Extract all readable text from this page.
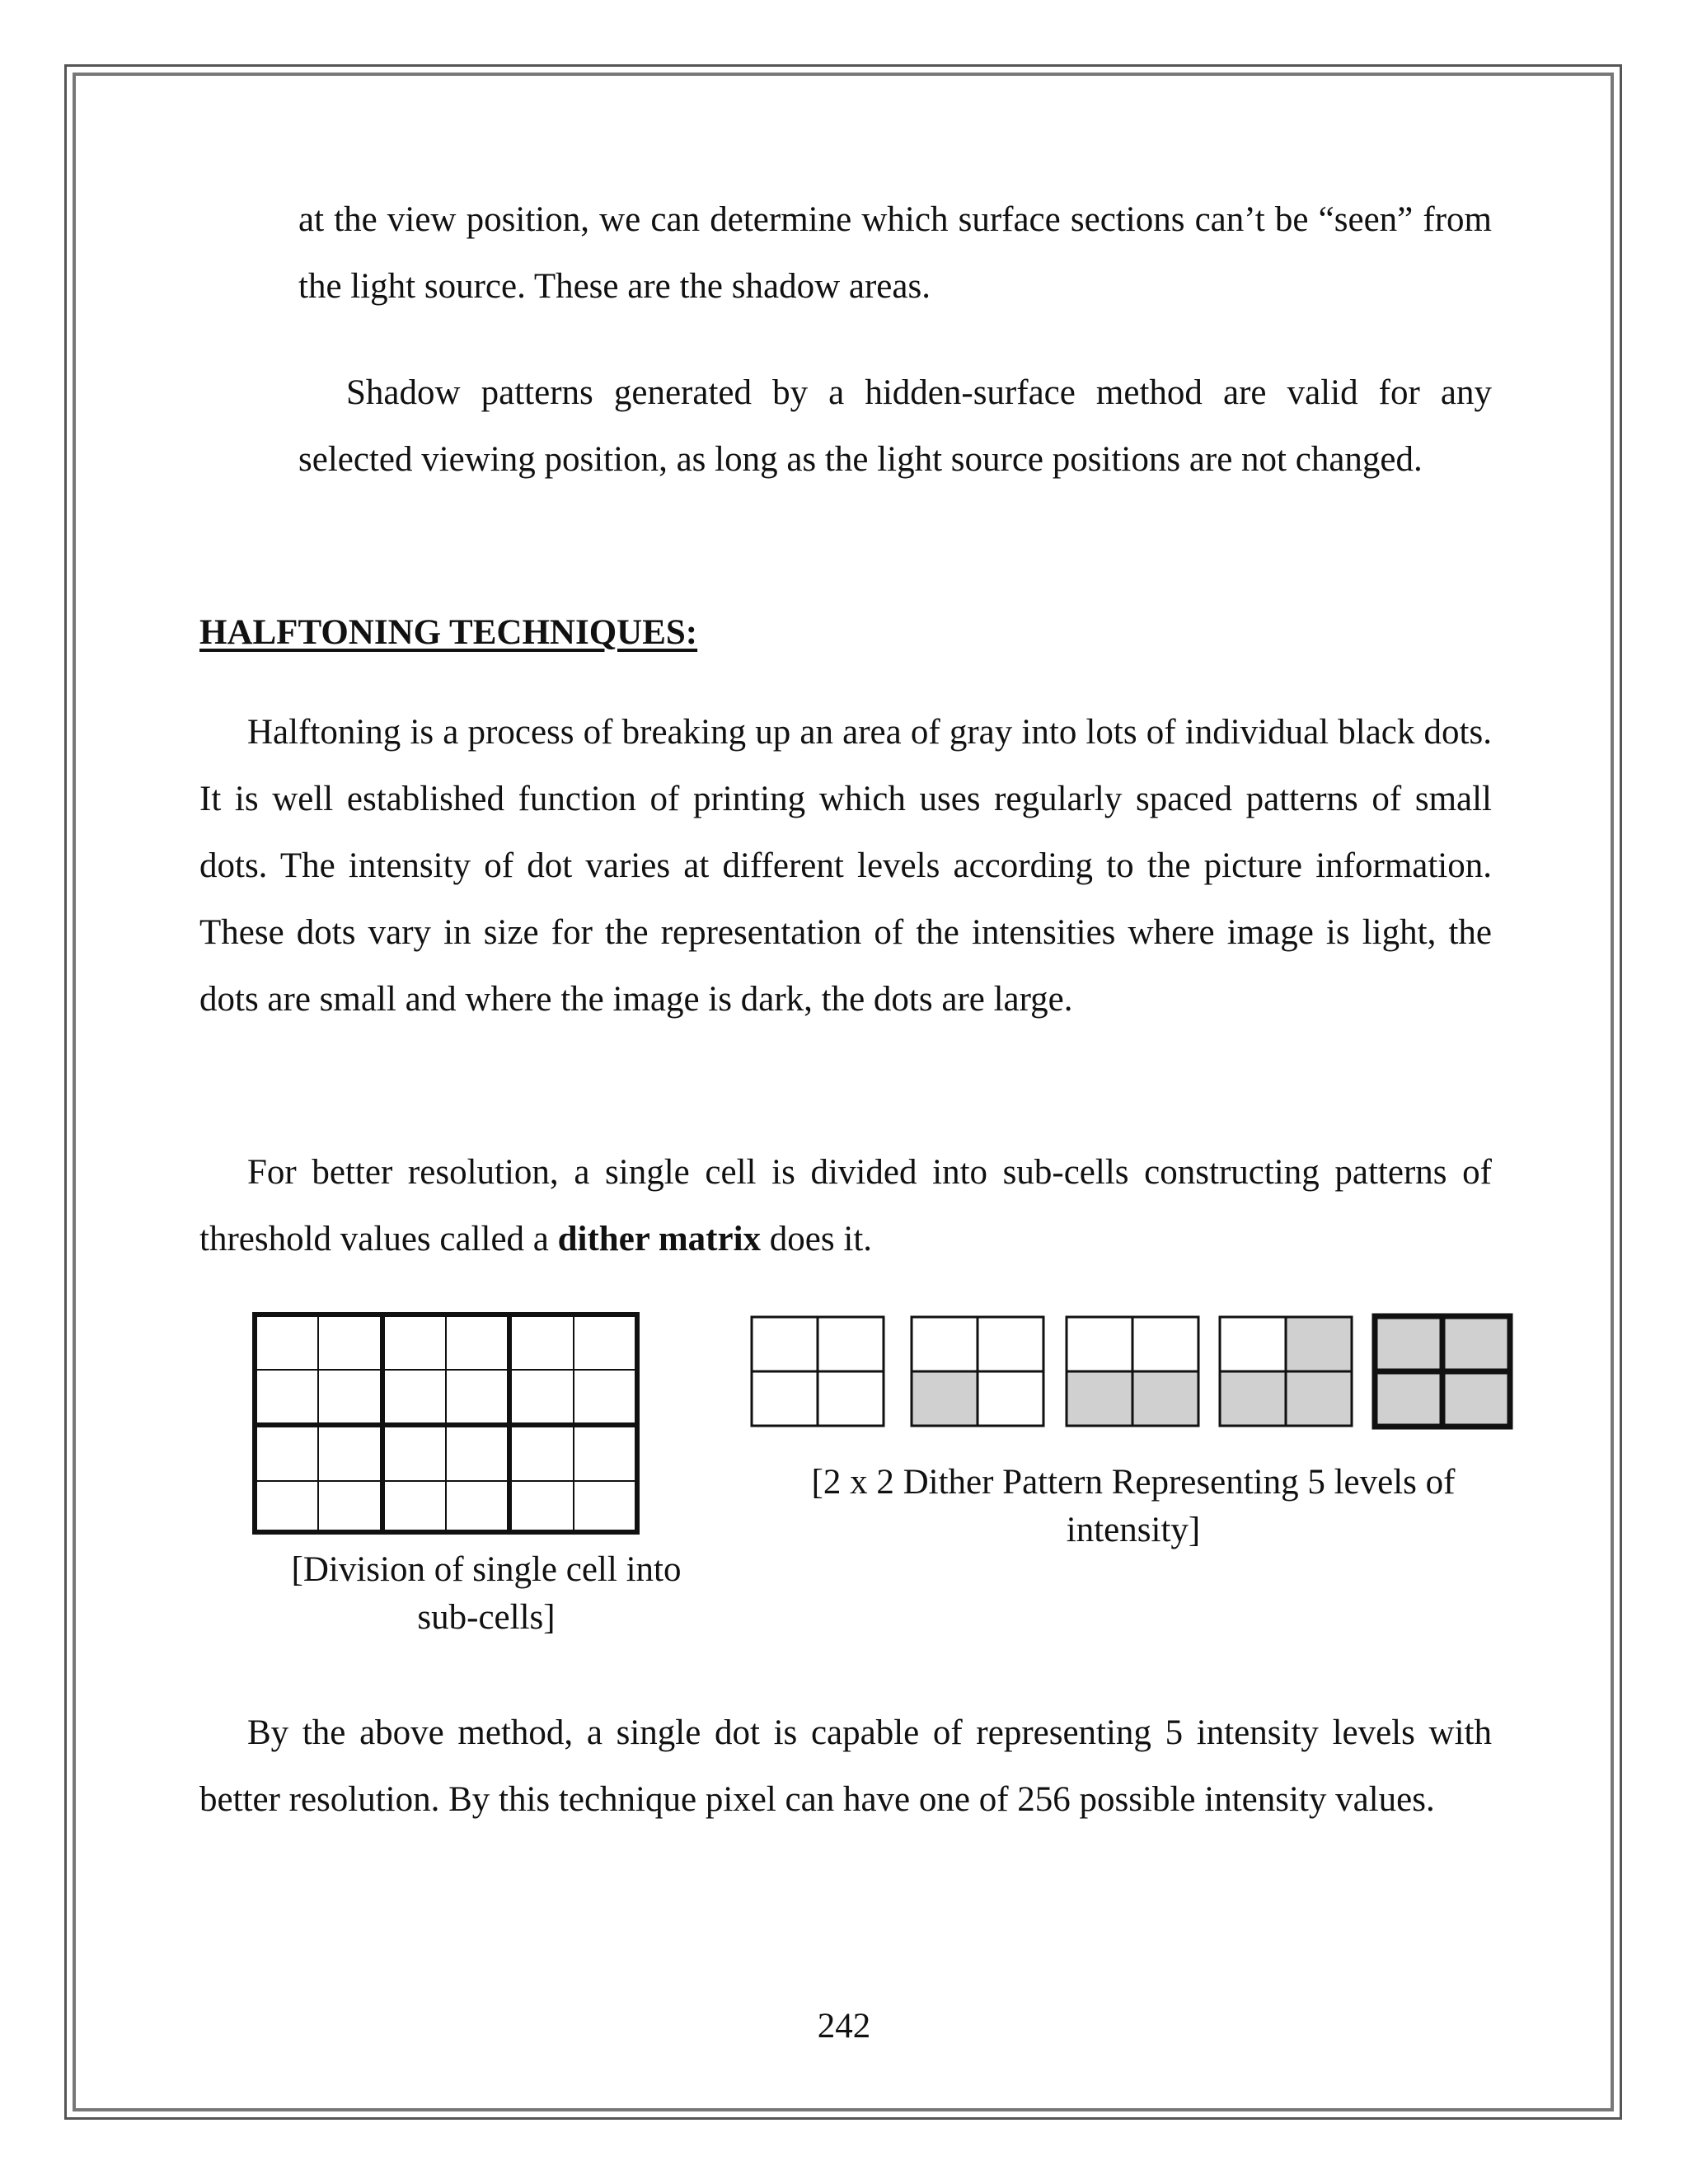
at the view position, we can determine which surface sections can’t be “seen” from the light source. These are the shadow areas.

Shadow patterns generated by a hidden-surface method are valid for any selected viewing position, as long as the light source positions are not changed.

HALFTONING TECHNIQUES:

Halftoning is a process of breaking up an area of gray into lots of individual black dots. It is well established function of printing which uses regularly spaced patterns of small dots. The intensity of dot varies at different levels according to the picture information. These dots vary in size for the representation of the intensities where image is light, the dots are small and where the image is dark, the dots are large.

For better resolution, a single cell is divided into sub-cells constructing patterns of threshold values called a dither matrix does it.

[Division of single cell into
sub-cells]

[2 x 2 Dither Pattern Representing 5 levels of
intensity]

By the above method, a single dot is capable of representing 5 intensity levels with better resolution. By this technique pixel can have one of 256 possible intensity values.

242
